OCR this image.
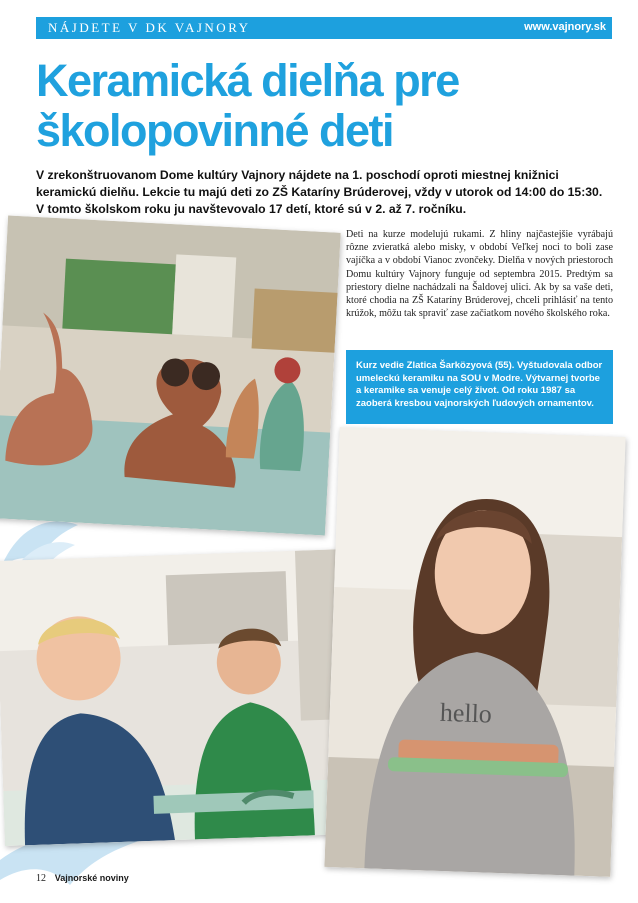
NÁJDETE V DK VAJNORY	www.vajnory.sk
Keramická dielňa pre školopovinné deti

V zrekonštruovanom Dome kultúry Vajnory nájdete na 1. poschodí oproti miestnej knižnici keramickú dielňu. Lekcie tu majú deti zo ZŠ Kataríny Brúderovej, vždy v utorok od 14:00 do 15:30. V tomto školskom roku ju navštevovalo 17 detí, ktoré sú v 2. až 7. ročníku.

Deti na kurze modelujú rukami. Z hliny najčastejšie vyrábajú rôzne zvieratká alebo misky, v období Veľkej noci to boli zase vajíčka a v období Vianoc zvončeky. Dielňa v nových priestoroch Domu kultúry Vajnory funguje od septembra 2015. Predtým sa priestory dielne nachádzali na Šaldovej ulici. Ak by sa vaše deti, ktoré chodia na ZŠ Kataríny Brúderovej, chceli prihlásiť na tento krúžok, môžu tak spraviť zase začiatkom nového školského roka.

Kurz vedie Zlatica Šarközyová (55). Vyštudovala odbor umeleckú keramiku na SOU v Modre. Výtvarnej tvorbe a keramike sa venuje celý život. Od roku 1987 sa zaoberá kresbou vajnorských ľudových ornamentov.

hello
12 Vajnorské noviny
